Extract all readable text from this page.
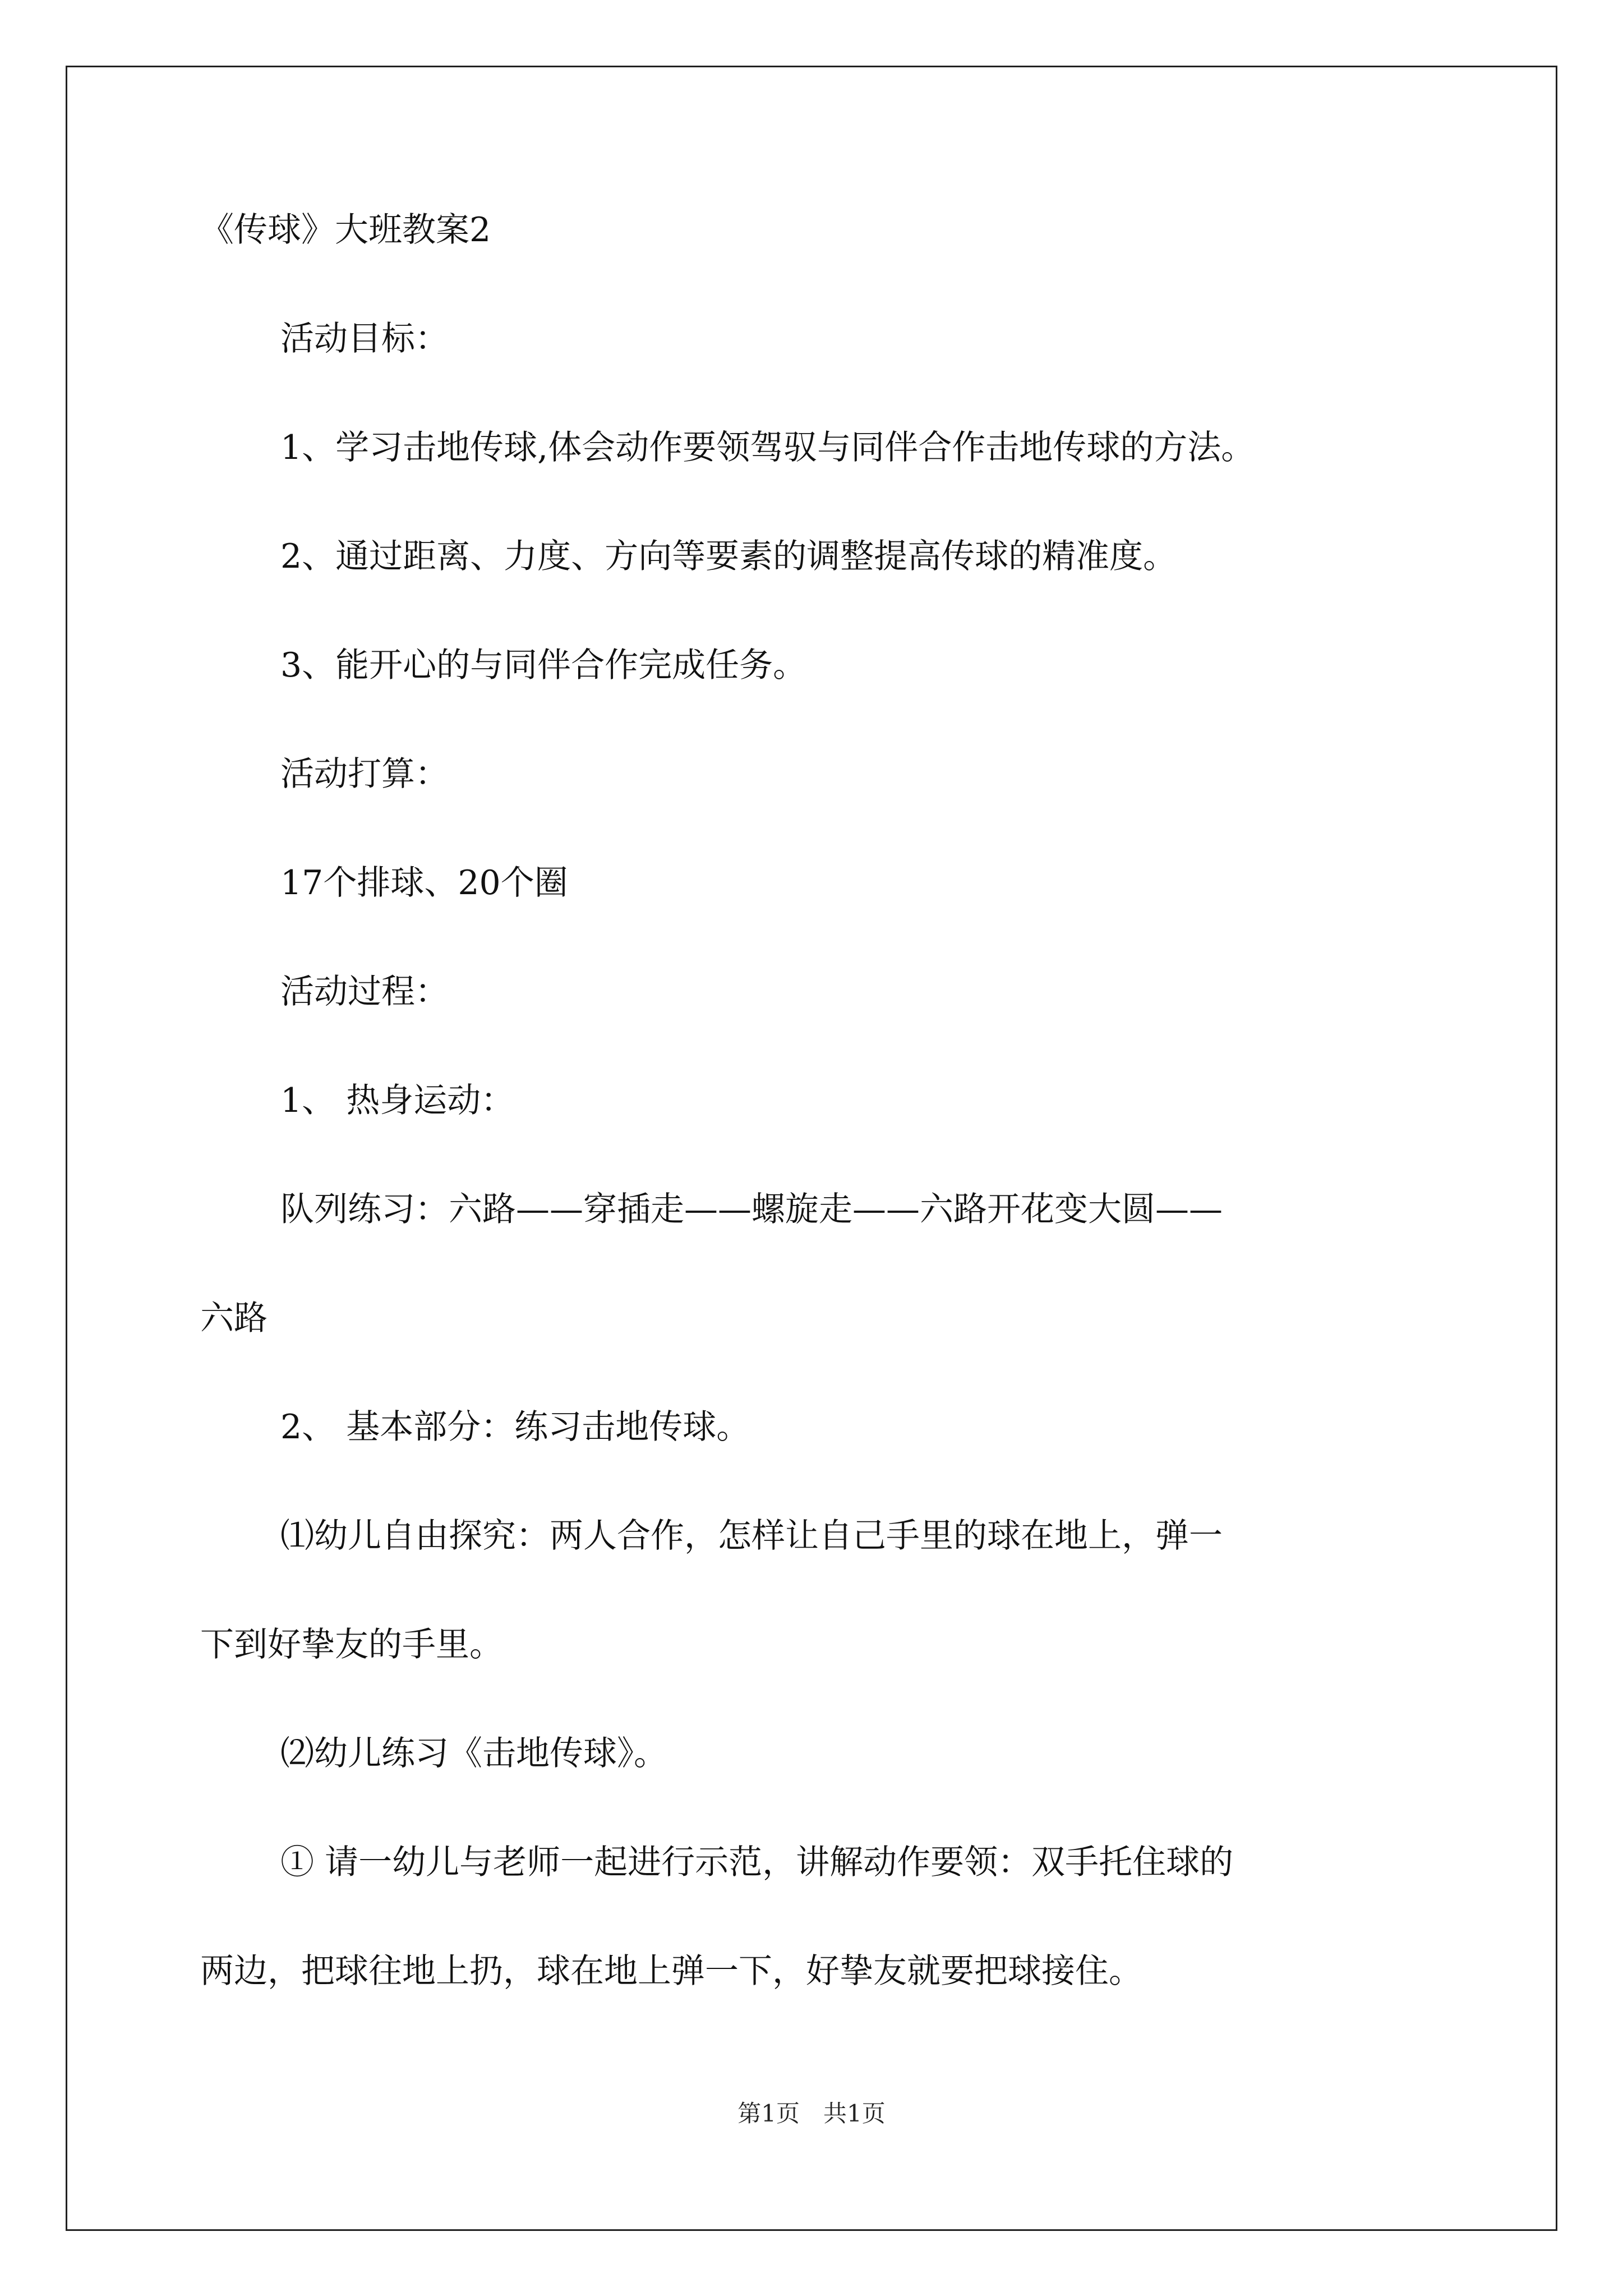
《传球》大班教案2

活动目标：

1、学习击地传球,体会动作要领驾驭与同伴合作击地传球的方法。

2、通过距离、力度、方向等要素的调整提高传球的精准度。

3、能开心的与同伴合作完成任务。

活动打算：

17个排球、20个圈

活动过程：

1、 热身运动：

队列练习：六路——穿插走——螺旋走——六路开花变大圆——

六路

2、 基本部分：练习击地传球。

⑴幼儿自由探究：两人合作，怎样让自己手里的球在地上，弹一

下到好挚友的手里。

⑵幼儿练习《击地传球》。

① 请一幼儿与老师一起进行示范，讲解动作要领：双手托住球的

两边，把球往地上扔，球在地上弹一下，好挚友就要把球接住。

第1页　共1页
